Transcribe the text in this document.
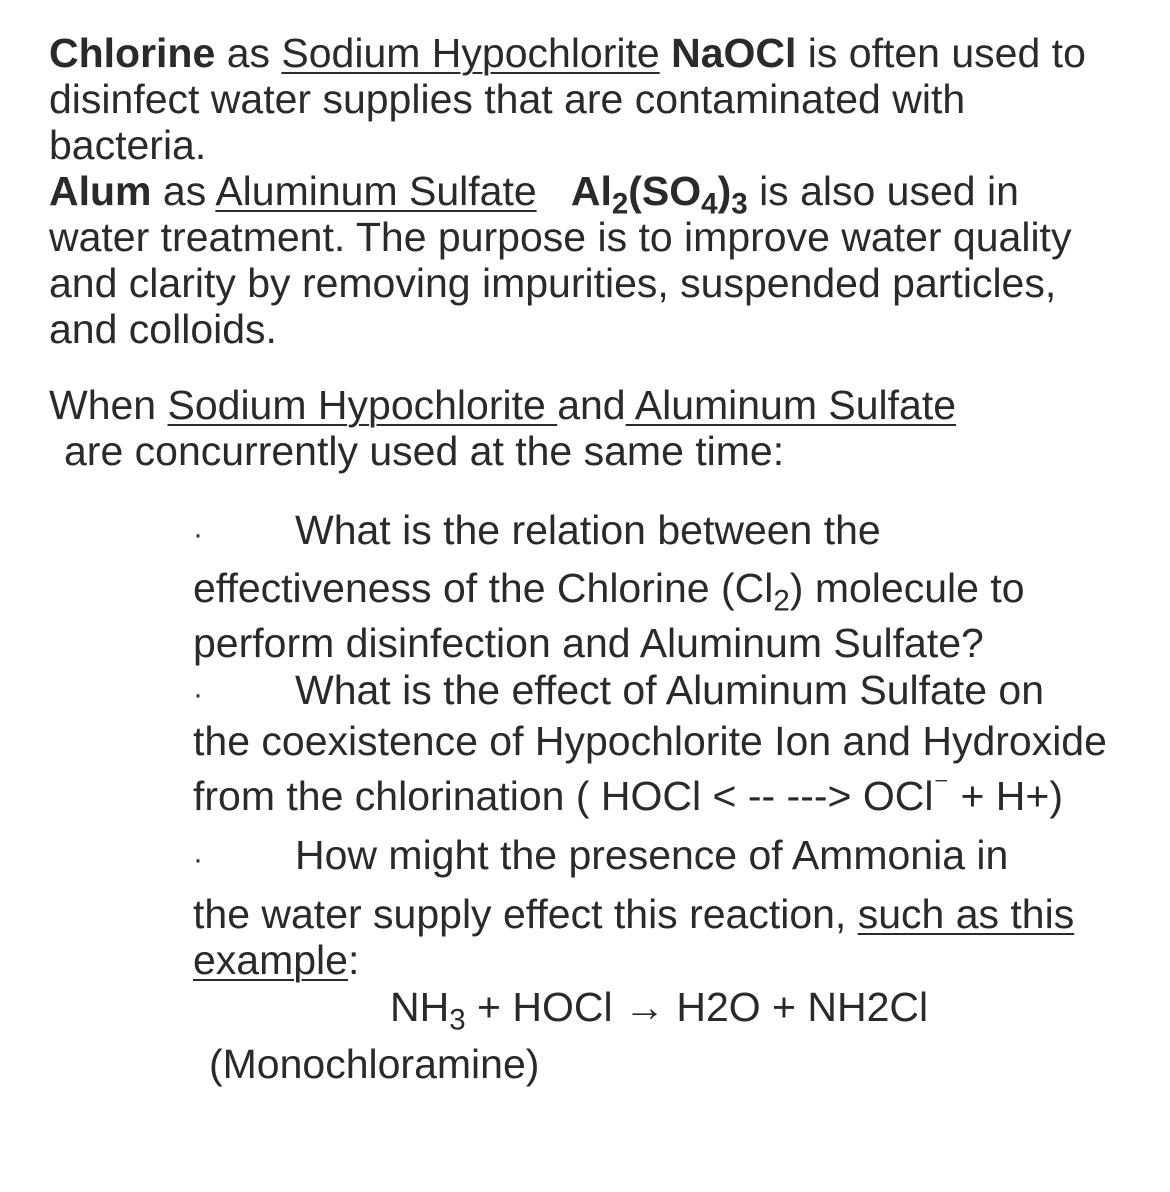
Chlorine as Sodium Hypochlorite NaOCl is often used to disinfect water supplies that are contaminated with bacteria.

Alum as Aluminum Sulfate $Al_2(SO_4)_3$ is also used in water treatment. The purpose is to improve water quality and clarity by removing impurities, suspended particles, and colloids.

When Sodium Hypochlorite and Aluminum Sulfate

are concurrently used at the same time:

· What is the relation between the
effectiveness of the Chlorine $(Cl_2)$ molecule to perform disinfection and Aluminum Sulfate?

· What is the effect of Aluminum Sulfate on
the coexistence of Hypochlorite Ion and Hydroxide from the chlorination ( HOCl < -- ---> OCl⁻ + H+)

· How might the presence of Ammonia in
the water supply effect this reaction, such as this example:

$NH_3$ + HOCl → H2O + NH2Cl

(Monochloramine)
